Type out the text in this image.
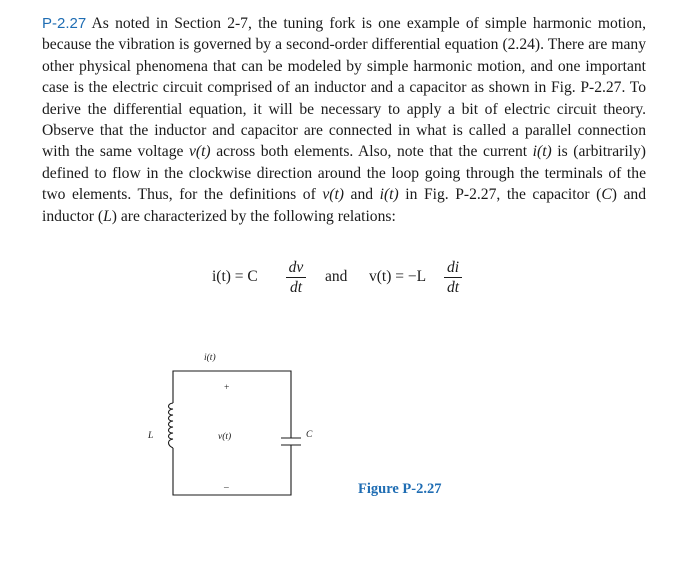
P-2.27 As noted in Section 2-7, the tuning fork is one example of simple harmonic motion, because the vibration is governed by a second-order differential equation (2.24). There are many other physical phenomena that can be modeled by simple harmonic motion, and one important case is the electric circuit comprised of an inductor and a capacitor as shown in Fig. P-2.27. To derive the differential equation, it will be necessary to apply a bit of electric circuit theory. Observe that the inductor and capacitor are connected in what is called a parallel connection with the same voltage v(t) across both elements. Also, note that the current i(t) is (arbitrarily) defined to flow in the clockwise direction around the loop going through the terminals of the two elements. Thus, for the definitions of v(t) and i(t) in Fig. P-2.27, the capacitor (C) and inductor (L) are characterized by the following relations:

i(t) = C
dv
dt
and v(t) = −L
di
dt
i(t)
+
v(t)
–
L	C
Figure P-2.27
